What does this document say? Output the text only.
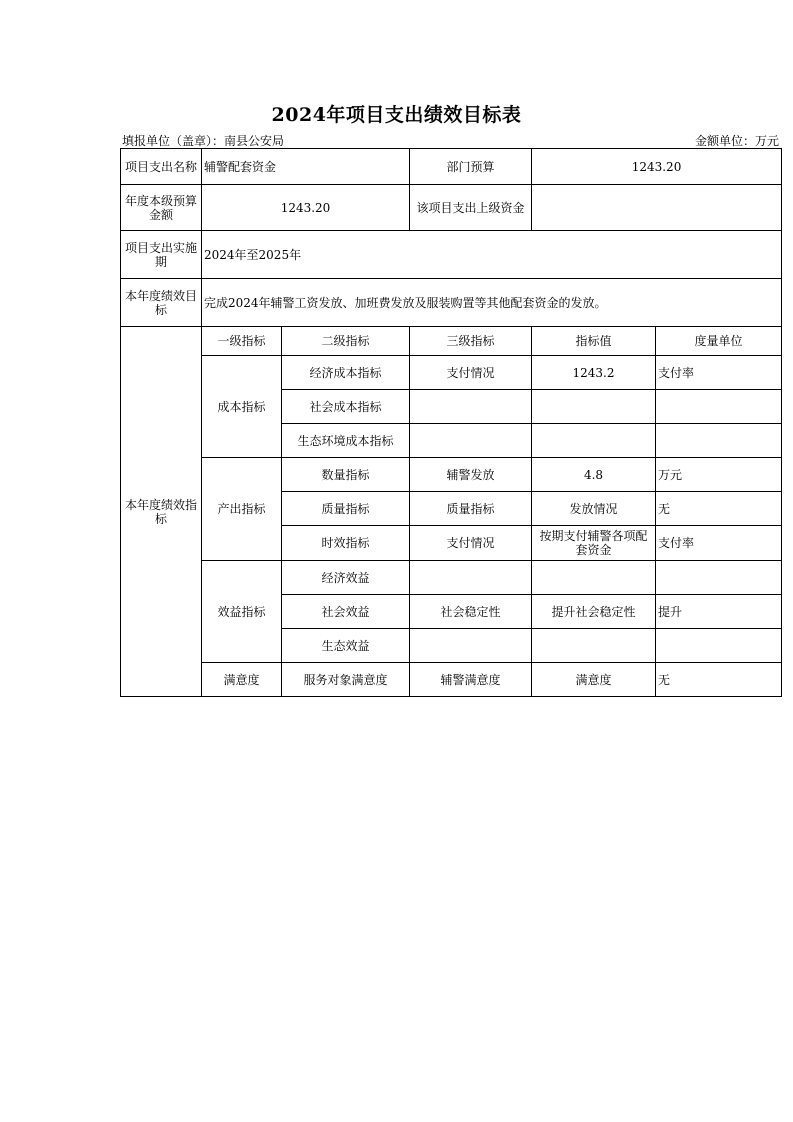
2024年项目支出绩效目标表
填报单位（盖章）：南县公安局	金额单位：万元
项目支出名称	辅警配套资金		部门预算	1243.20	
年度本级预算金额	1243.20		该项目支出上级资金		
项目支出实施期	2024年至2025年				
本年度绩效目标	完成2024年辅警工资发放、加班费发放及服装购置等其他配套资金的发放。				
本年度绩效指标	一级指标	二级指标	三级指标	指标值	度量单位
	成本指标	经济成本指标	支付情况	1243.2	支付率
		社会成本指标			
		生态环境成本指标			
	产出指标	数量指标	辅警发放	4.8	万元
		质量指标	质量指标	发放情况	无
		时效指标	支付情况	按期支付辅警各项配套资金	支付率
	效益指标	经济效益			
		社会效益	社会稳定性	提升社会稳定性	提升
		生态效益			
	满意度	服务对象满意度	辅警满意度	满意度	无
